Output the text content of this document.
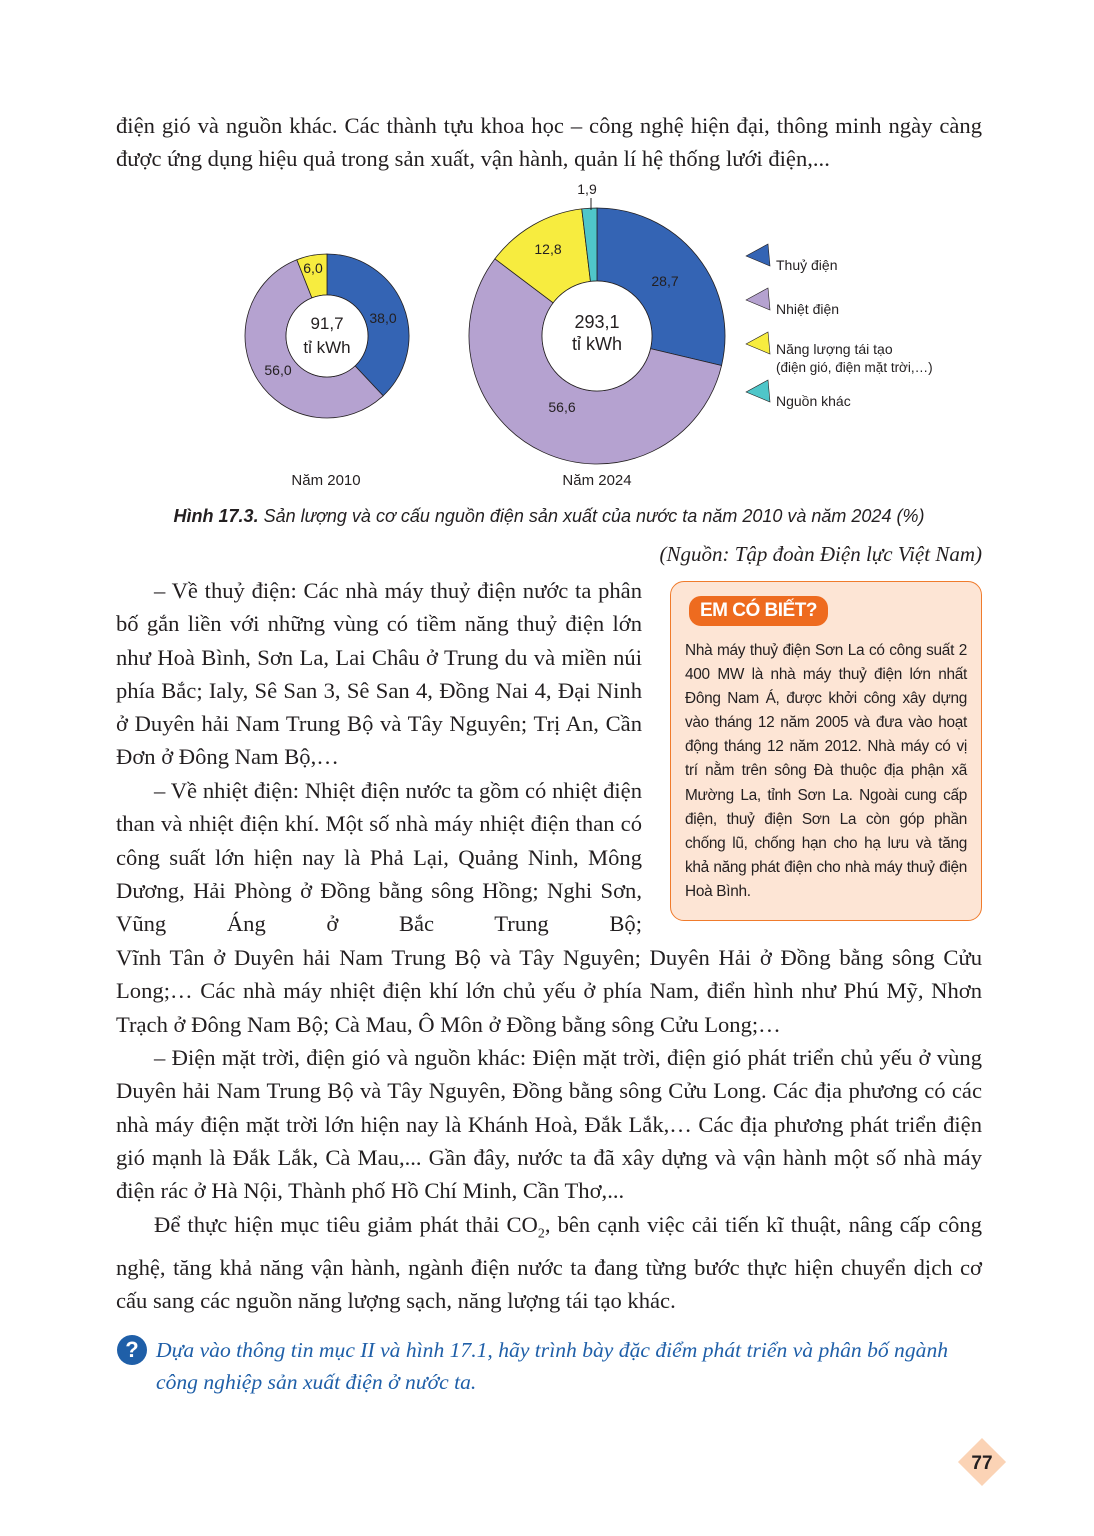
điện gió và nguồn khác. Các thành tựu khoa học – công nghệ hiện đại, thông minh ngày càng được ứng dụng hiệu quả trong sản xuất, vận hành, quản lí hệ thống lưới điện,...

91,7
tỉ kWh
293,1
tỉ kWh
38,0
56,0
6,0
28,7
56,6
12,8
1,9
Năm 2010	Năm 2024
Thuỷ điện
Nhiệt điện
Năng lượng tái tạo
(điện gió, điện mặt trời,…)
Nguồn khác
Hình 17.3. Sản lượng và cơ cấu nguồn điện sản xuất của nước ta năm 2010 và năm 2024 (%)
(Nguồn: Tập đoàn Điện lực Việt Nam)

– Về thuỷ điện: Các nhà máy thuỷ điện nước ta phân bố gắn liền với những vùng có tiềm năng thuỷ điện lớn như Hoà Bình, Sơn La, Lai Châu ở Trung du và miền núi phía Bắc; Ialy, Sê San 3, Sê San 4, Đồng Nai 4, Đại Ninh ở Duyên hải Nam Trung Bộ và Tây Nguyên; Trị An, Cần Đơn ở Đông Nam Bộ,…

– Về nhiệt điện: Nhiệt điện nước ta gồm có nhiệt điện than và nhiệt điện khí. Một số nhà máy nhiệt điện than có công suất lớn hiện nay là Phả Lại, Quảng Ninh, Mông Dương, Hải Phòng ở Đồng bằng sông Hồng; Nghi Sơn, Vũng Áng ở Bắc Trung Bộ;

Vĩnh Tân ở Duyên hải Nam Trung Bộ và Tây Nguyên; Duyên Hải ở Đồng bằng sông Cửu Long;… Các nhà máy nhiệt điện khí lớn chủ yếu ở phía Nam, điển hình như Phú Mỹ, Nhơn Trạch ở Đông Nam Bộ; Cà Mau, Ô Môn ở Đồng bằng sông Cửu Long;…

– Điện mặt trời, điện gió và nguồn khác: Điện mặt trời, điện gió phát triển chủ yếu ở vùng Duyên hải Nam Trung Bộ và Tây Nguyên, Đồng bằng sông Cửu Long. Các địa phương có các nhà máy điện mặt trời lớn hiện nay là Khánh Hoà, Đắk Lắk,… Các địa phương phát triển điện gió mạnh là Đắk Lắk, Cà Mau,... Gần đây, nước ta đã xây dựng và vận hành một số nhà máy điện rác ở Hà Nội, Thành phố Hồ Chí Minh, Cần Thơ,...

Để thực hiện mục tiêu giảm phát thải $CO_2$, bên cạnh việc cải tiến kĩ thuật, nâng cấp công nghệ, tăng khả năng vận hành, ngành điện nước ta đang từng bước thực hiện chuyển dịch cơ cấu sang các nguồn năng lượng sạch, năng lượng tái tạo khác.

EM CÓ BIẾT?

Nhà máy thuỷ điện Sơn La có công suất 2 400 MW là nhà máy thuỷ điện lớn nhất Đông Nam Á, được khởi công xây dựng vào tháng 12 năm 2005 và đưa vào hoạt động tháng 12 năm 2012. Nhà máy có vị trí nằm trên sông Đà thuộc địa phận xã Mường La, tỉnh Sơn La. Ngoài cung cấp điện, thuỷ điện Sơn La còn góp phần chống lũ, chống hạn cho hạ lưu và tăng khả năng phát điện cho nhà máy thuỷ điện Hoà Bình.

? Dựa vào thông tin mục II và hình 17.1, hãy trình bày đặc điểm phát triển và phân bố ngành công nghiệp sản xuất điện ở nước ta.

77
